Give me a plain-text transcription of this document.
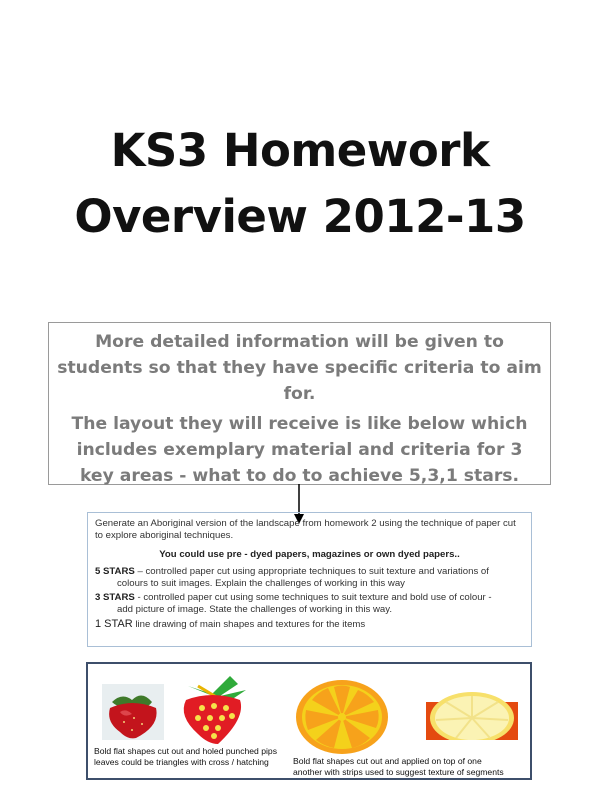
KS3 Homework
Overview 2012-13

More detailed information will be given to students so that they have specific criteria to aim for.

The layout they will receive is like below which includes exemplary material and criteria for 3 key areas - what to do to achieve 5,3,1 stars.

Generate an Aboriginal version of the landscape from homework 2 using the technique of paper cut to explore aboriginal techniques.
You could use pre - dyed papers, magazines or own dyed papers..
5 STARS – controlled paper cut using appropriate techniques to suit texture and variations of
colours to suit images. Explain the challenges of working in this way
3 STARS - controlled paper cut using some techniques to suit texture and bold use of colour -
add picture of image. State the challenges of working in this way.
1 STAR line drawing of main shapes and textures for the items
Bold flat shapes cut out and holed punched pips
leaves could be triangles with cross / hatching	Bold flat shapes cut out and applied on top of one
another with strips used to suggest texture of segments
